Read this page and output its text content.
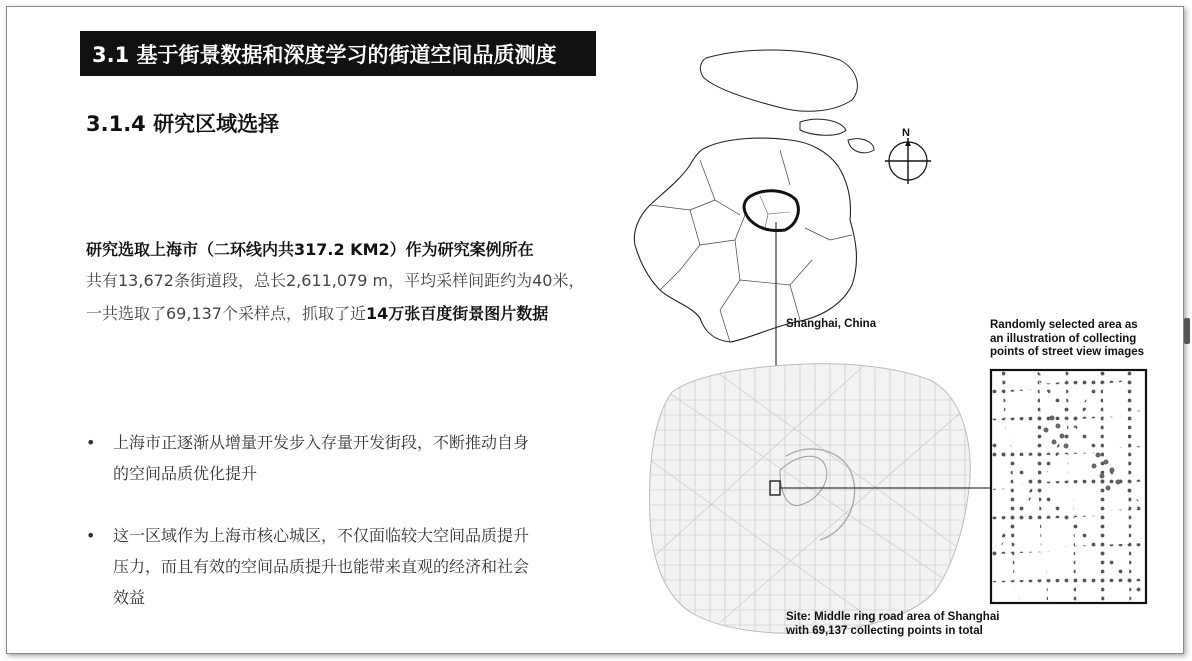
3.1 基于街景数据和深度学习的街道空间品质测度
3.1.4 研究区域选择
研究选取上海市（二环线内共317.2 KM2）作为研究案例所在
共有13,672条街道段，总长2,611,079 m，平均采样间距约为40米，
一共选取了69,137个采样点，抓取了近14万张百度街景图片数据
• 上海市正逐渐从增量开发步入存量开发街段，不断推动自身
的空间品质优化提升
• 这一区域作为上海市核心城区，不仅面临较大空间品质提升
压力，而且有效的空间品质提升也能带来直观的经济和社会
效益
N
Shanghai, China	Randomly selected area as
an illustration of collecting
points of street view images
Site: Middle ring road area of Shanghai
with 69,137 collecting points in total
